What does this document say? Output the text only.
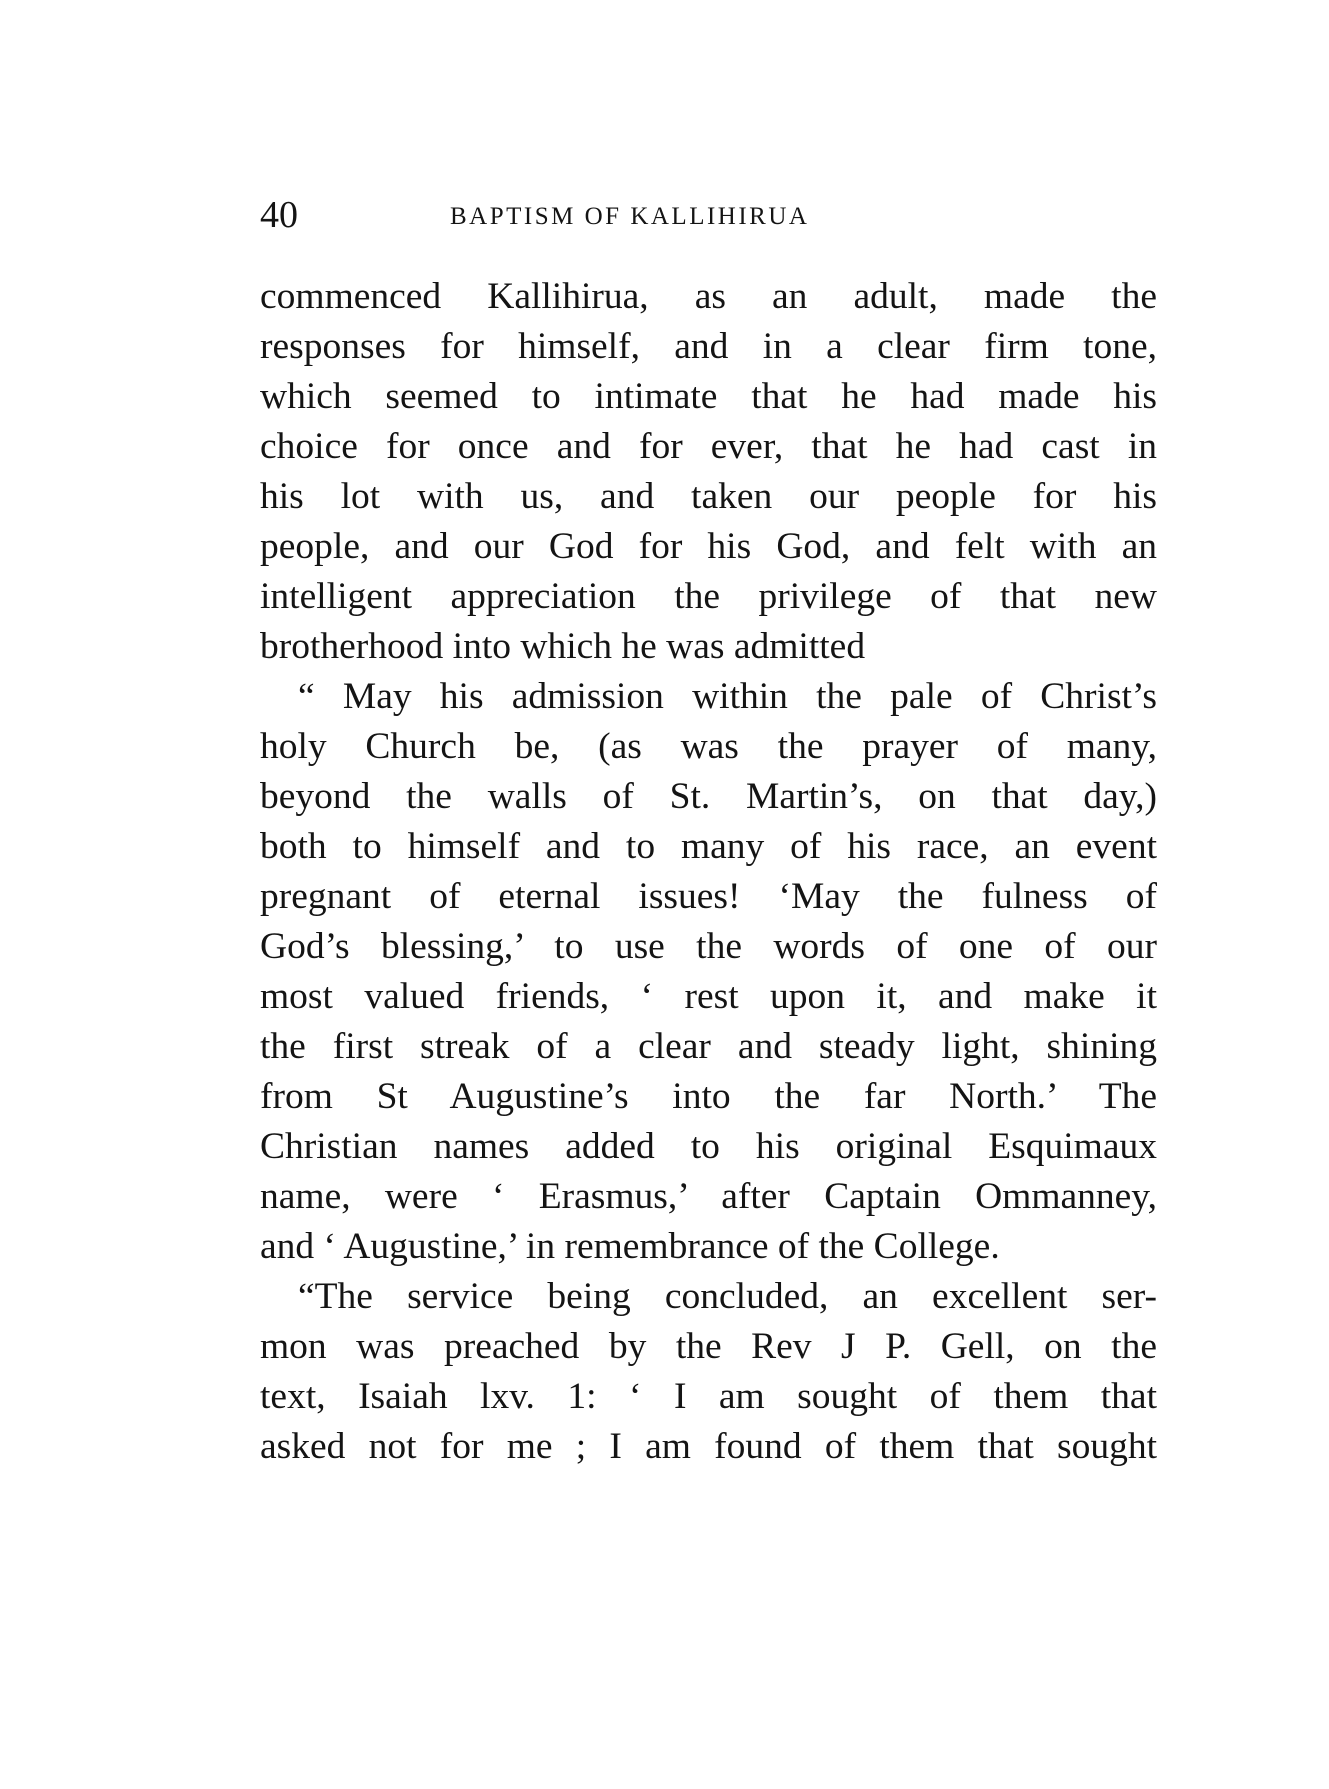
40	BAPTISM OF KALLIHIRUA
commenced Kallihirua, as an adult, made the
responses for himself, and in a clear firm tone,
which seemed to intimate that he had made his
choice for once and for ever, that he had cast in
his lot with us, and taken our people for his
people, and our God for his God, and felt with an
intelligent appreciation the privilege of that new
brotherhood into which he was admitted
“ May his admission within the pale of Christ’s
holy Church be, (as was the prayer of many,
beyond the walls of St. Martin’s, on that day,)
both to himself and to many of his race, an event
pregnant of eternal issues! ‘May the fulness of
God’s blessing,’ to use the words of one of our
most valued friends, ‘ rest upon it, and make it
the first streak of a clear and steady light, shining
from St Augustine’s into the far North.’ The
Christian names added to his original Esquimaux
name, were ‘ Erasmus,’ after Captain Ommanney,
and ‘ Augustine,’ in remembrance of the College.
“The service being concluded, an excellent ser-
mon was preached by the Rev J P. Gell, on the
text, Isaiah lxv. 1: ‘ I am sought of them that
asked not for me ; I am found of them that sought
